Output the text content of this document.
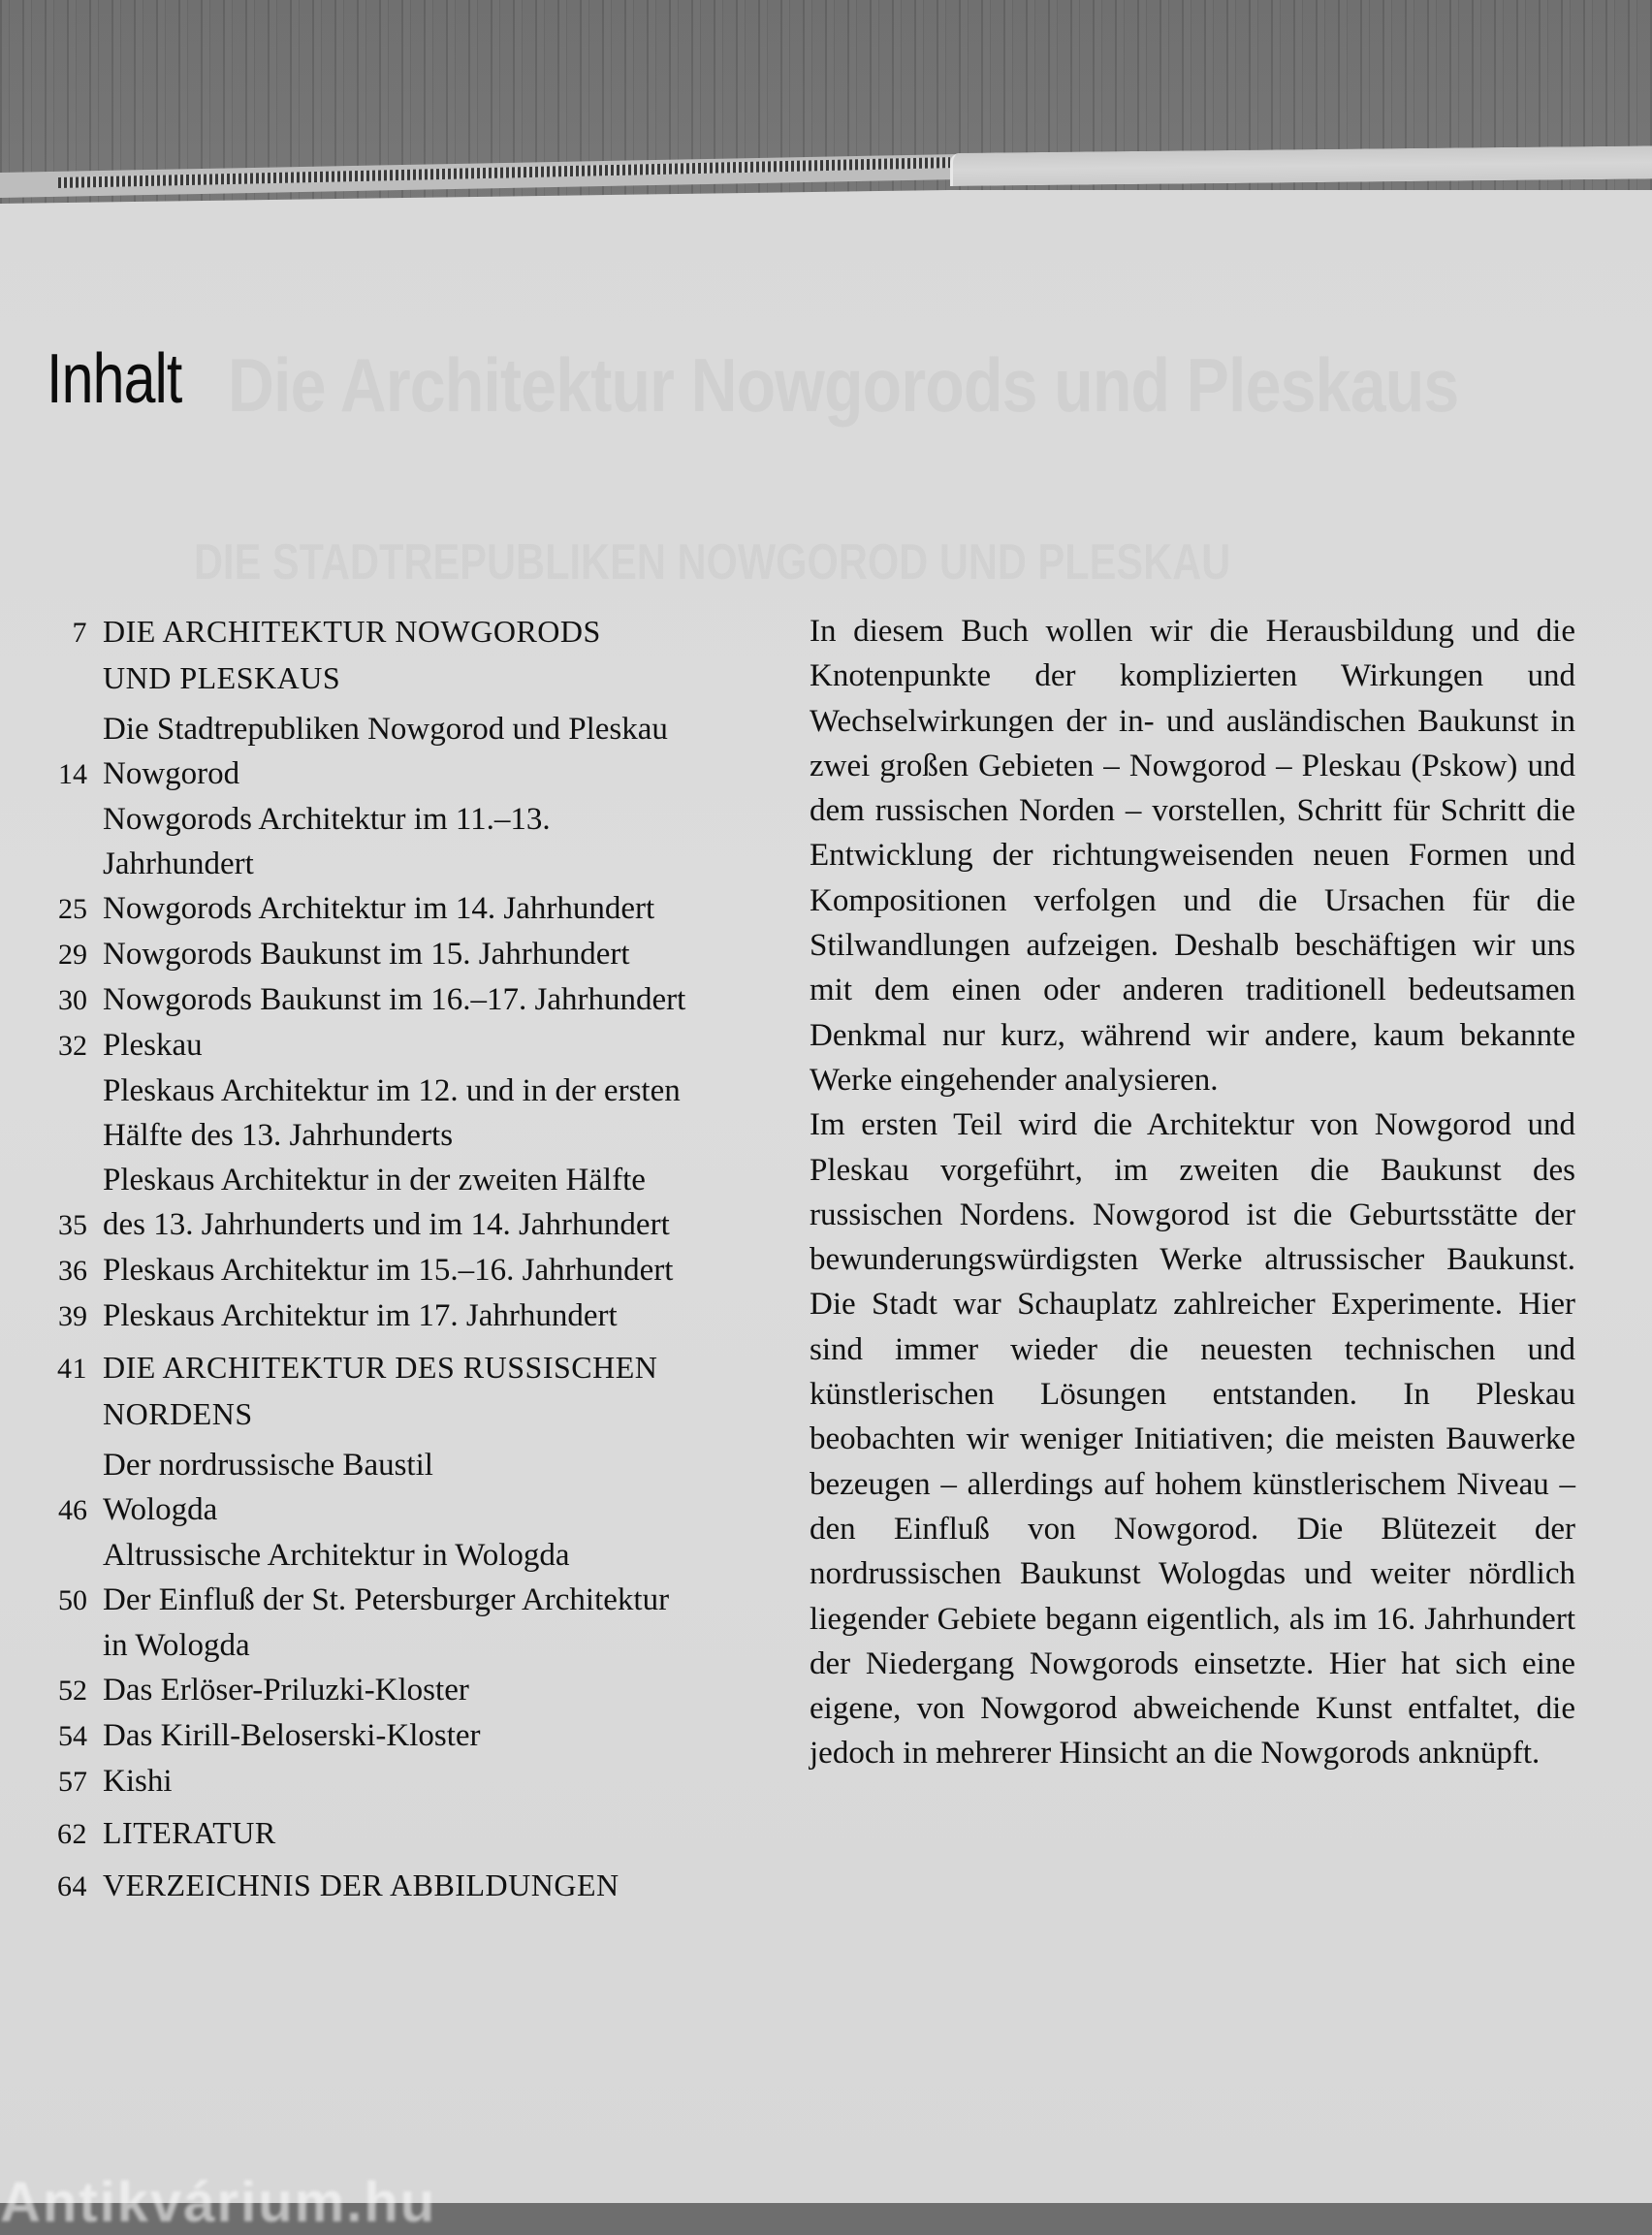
Inhalt
7 DIE ARCHITEKTUR NOWGORODS
UND PLESKAUS
Die Stadtrepubliken Nowgorod und Pleskau
14 Nowgorod
Nowgorods Architektur im 11.–13.
Jahrhundert
25 Nowgorods Architektur im 14. Jahrhundert
29 Nowgorods Baukunst im 15. Jahrhundert
30 Nowgorods Baukunst im 16.–17. Jahrhundert
32 Pleskau
Pleskaus Architektur im 12. und in der ersten
Hälfte des 13. Jahrhunderts
Pleskaus Architektur in der zweiten Hälfte
35 des 13. Jahrhunderts und im 14. Jahrhundert
36 Pleskaus Architektur im 15.–16. Jahrhundert
39 Pleskaus Architektur im 17. Jahrhundert
41 DIE ARCHITEKTUR DES RUSSISCHEN
NORDENS
Der nordrussische Baustil
46 Wologda
Altrussische Architektur in Wologda
50 Der Einfluß der St. Petersburger Architektur
in Wologda
52 Das Erlöser-Priluzki-Kloster
54 Das Kirill-Beloserski-Kloster
57 Kishi
62 LITERATUR
64 VERZEICHNIS DER ABBILDUNGEN

In diesem Buch wollen wir die Herausbildung und die Knotenpunkte der komplizierten Wirkungen und Wechselwirkungen der in- und ausländischen Baukunst in zwei großen Gebieten – Nowgorod – Pleskau (Pskow) und dem russischen Norden – vorstellen, Schritt für Schritt die Entwicklung der richtungweisenden neuen Formen und Kompositionen verfolgen und die Ursachen für die Stilwandlungen aufzeigen. Deshalb beschäftigen wir uns mit dem einen oder anderen traditionell bedeutsamen Denkmal nur kurz, während wir andere, kaum bekannte Werke eingehender analysieren.

Im ersten Teil wird die Architektur von Nowgorod und Pleskau vorgeführt, im zweiten die Baukunst des russischen Nordens. Nowgorod ist die Geburtsstätte der bewunderungswürdigsten Werke altrussischer Baukunst. Die Stadt war Schauplatz zahlreicher Experimente. Hier sind immer wieder die neuesten technischen und künstlerischen Lösungen entstanden. In Pleskau beobachten wir weniger Initiativen; die meisten Bauwerke bezeugen – allerdings auf hohem künstlerischem Niveau – den Einfluß von Nowgorod. Die Blütezeit der nordrussischen Baukunst Wologdas und weiter nördlich liegender Gebiete begann eigentlich, als im 16. Jahrhundert der Niedergang Nowgorods einsetzte. Hier hat sich eine eigene, von Nowgorod abweichende Kunst entfaltet, die jedoch in mehrerer Hinsicht an die Nowgorods anknüpft.

Antikvárium.hu
